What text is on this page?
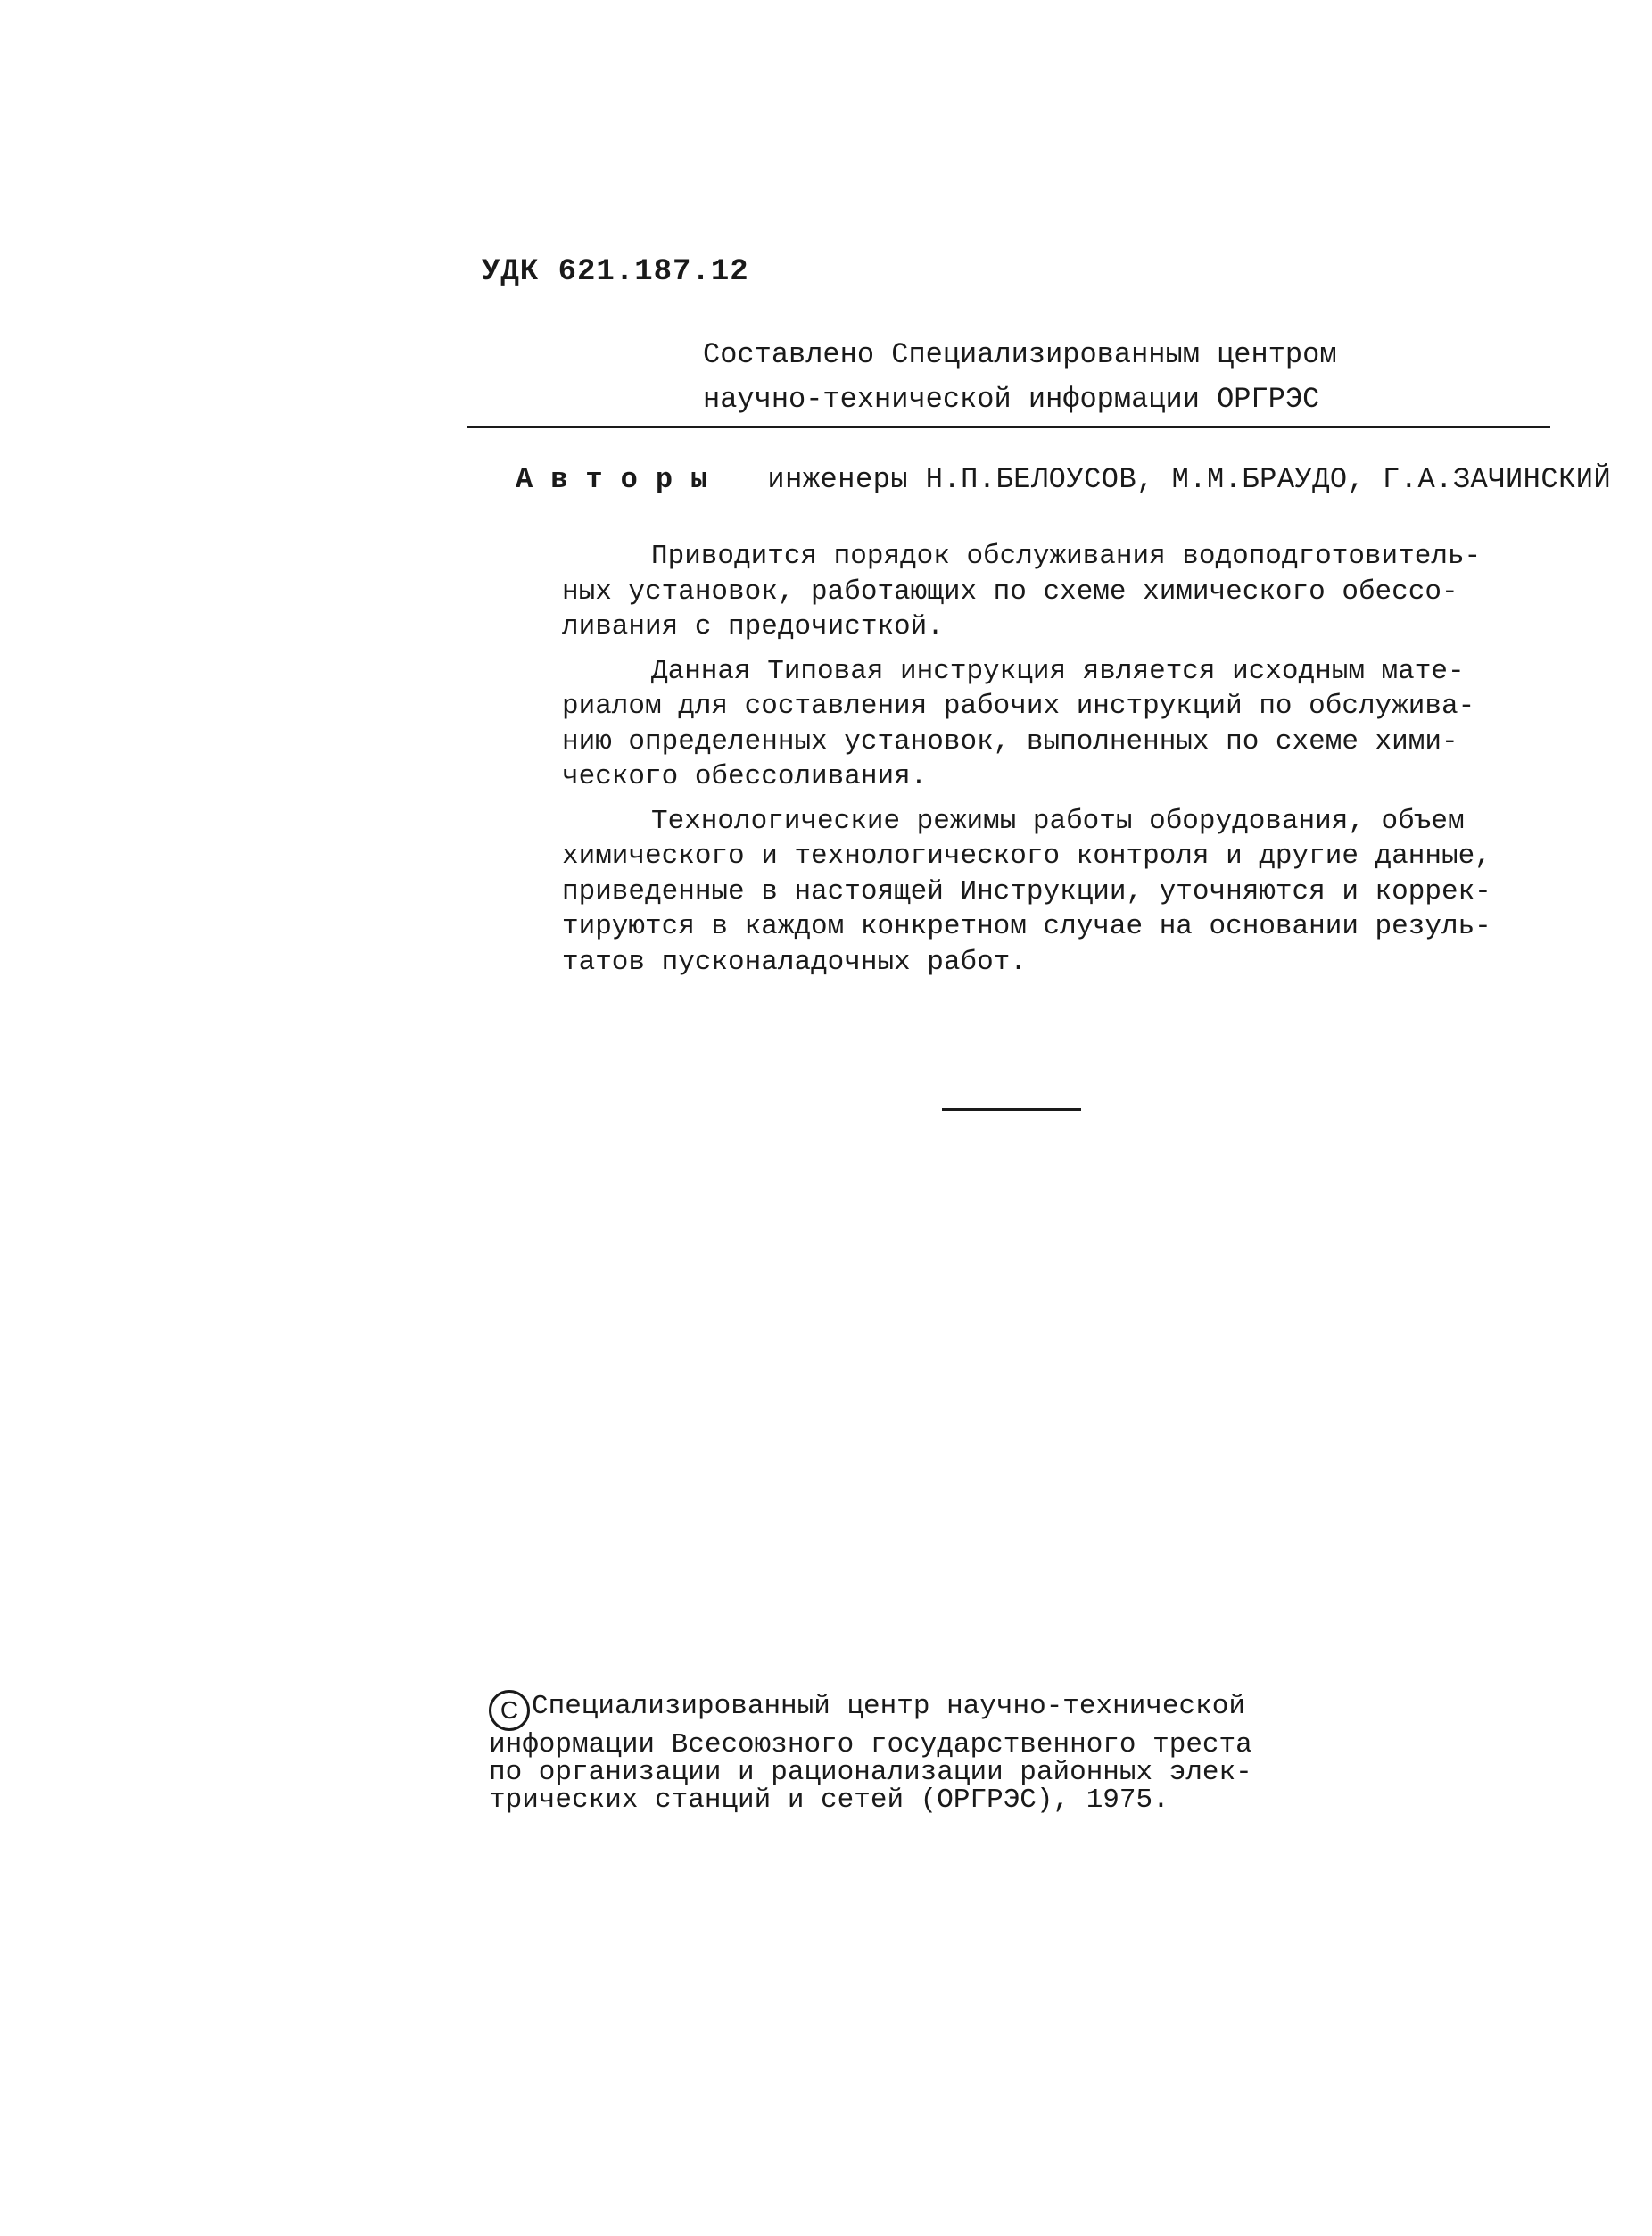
УДК 621.187.12
Составлено Специализированным центром
научно-технической информации ОРГРЭС
Авторы инженеры Н.П.БЕЛОУСОВ, М.М.БРАУДО, Г.А.ЗАЧИНСКИЙ

Приводится порядок обслуживания водоподготовитель-
ных установок, работающих по схеме химического обессо-
ливания с предочисткой.

Данная Типовая инструкция является исходным мате-
риалом для составления рабочих инструкций по обслужива-
нию определенных установок, выполненных по схеме хими-
ческого обессоливания.

Технологические режимы работы оборудования, объем
химического и технологического контроля и другие данные,
приведенные в настоящей Инструкции, уточняются и коррек-
тируются в каждом конкретном случае на основании резуль-
татов пусконаладочных работ.

C Специализированный центр научно-технической
информации Всесоюзного государственного треста
по организации и рационализации районных элек-
трических станций и сетей (ОРГРЭС), 1975.
